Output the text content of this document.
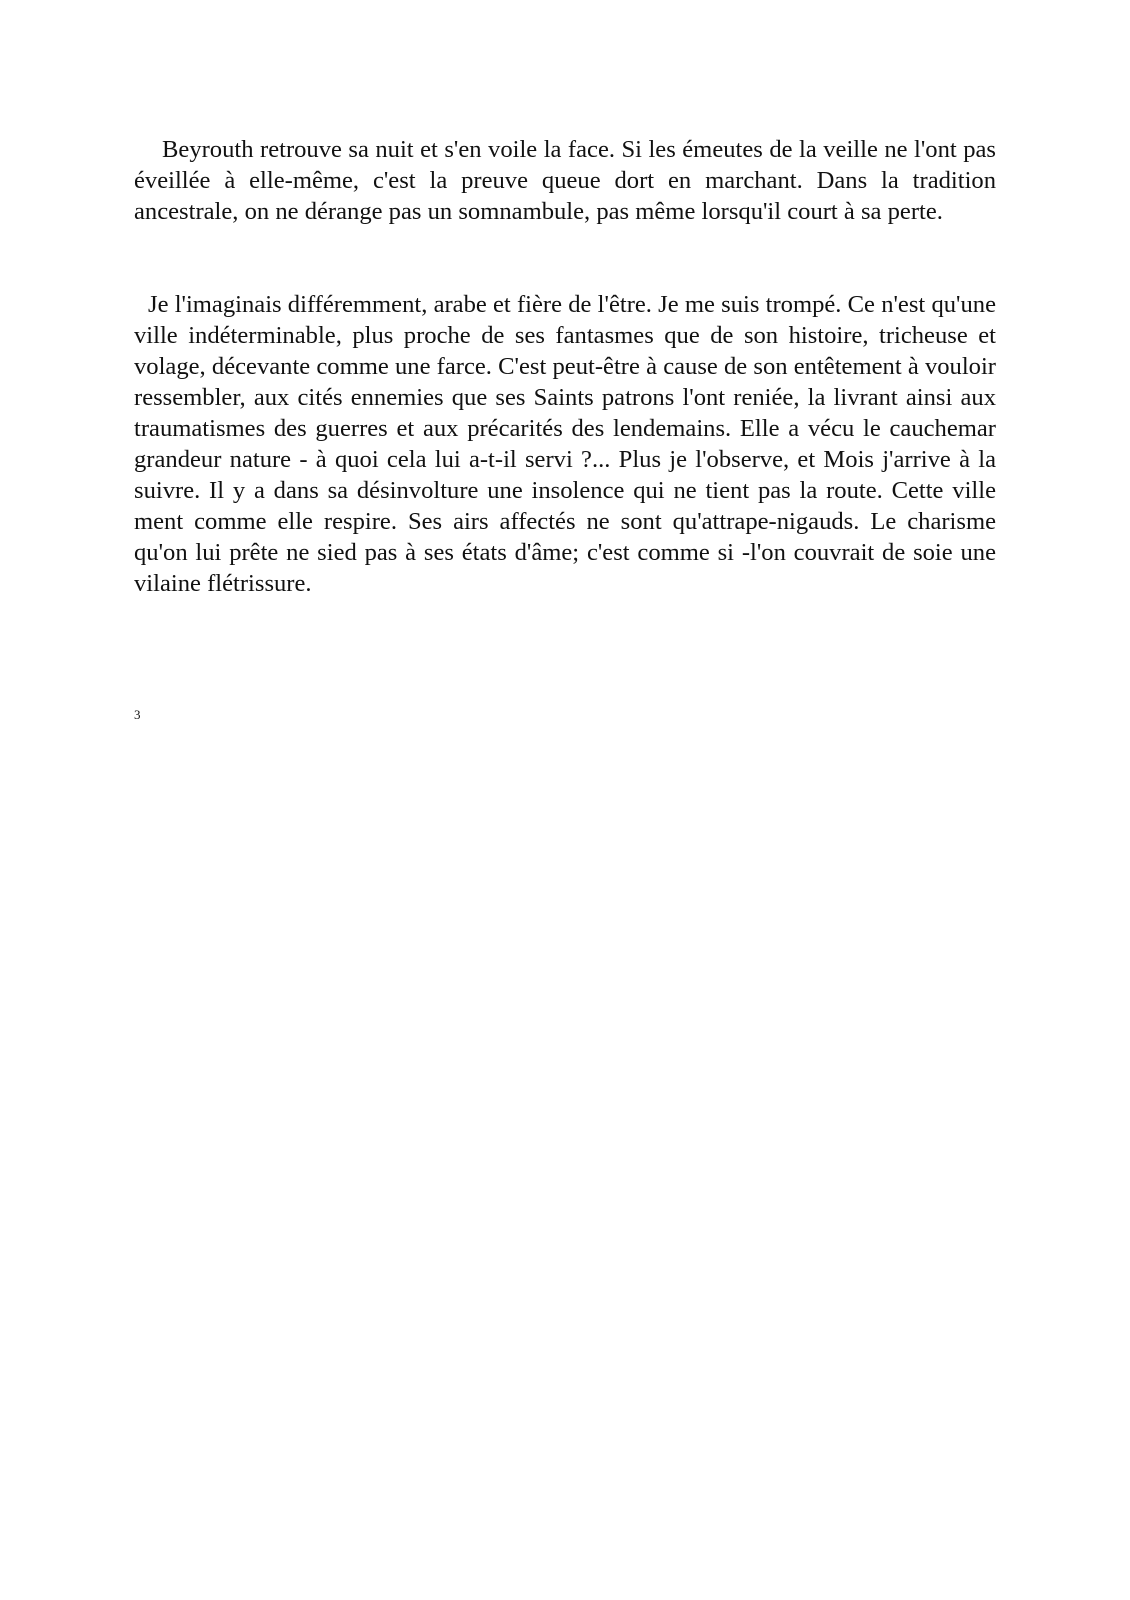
Beyrouth retrouve sa nuit et s'en voile la face. Si les émeutes de la veille ne l'ont pas éveillée à elle-même, c'est la preuve queue dort en marchant. Dans la tradition ancestrale, on ne dérange pas un somnambule, pas même lorsqu'il court à sa perte.

Je l'imaginais différemment, arabe et fière de l'être. Je me suis trompé. Ce n'est qu'une ville indéterminable, plus proche de ses fantasmes que de son histoire, tricheuse et volage, décevante comme une farce. C'est peut-être à cause de son entêtement à vouloir ressembler, aux cités ennemies que ses Saints patrons l'ont reniée, la livrant ainsi aux traumatismes des guerres et aux précarités des lendemains. Elle a vécu le cauchemar grandeur nature - à quoi cela lui a-t-il servi ?... Plus je l'observe, et Mois j'arrive à la suivre. Il y a dans sa désinvolture une insolence qui ne tient pas la route. Cette ville ment comme elle respire. Ses airs affectés ne sont qu'attrape-nigauds. Le charisme qu'on lui prête ne sied pas à ses états d'âme; c'est comme si -l'on couvrait de soie une vilaine flétrissure.

3
